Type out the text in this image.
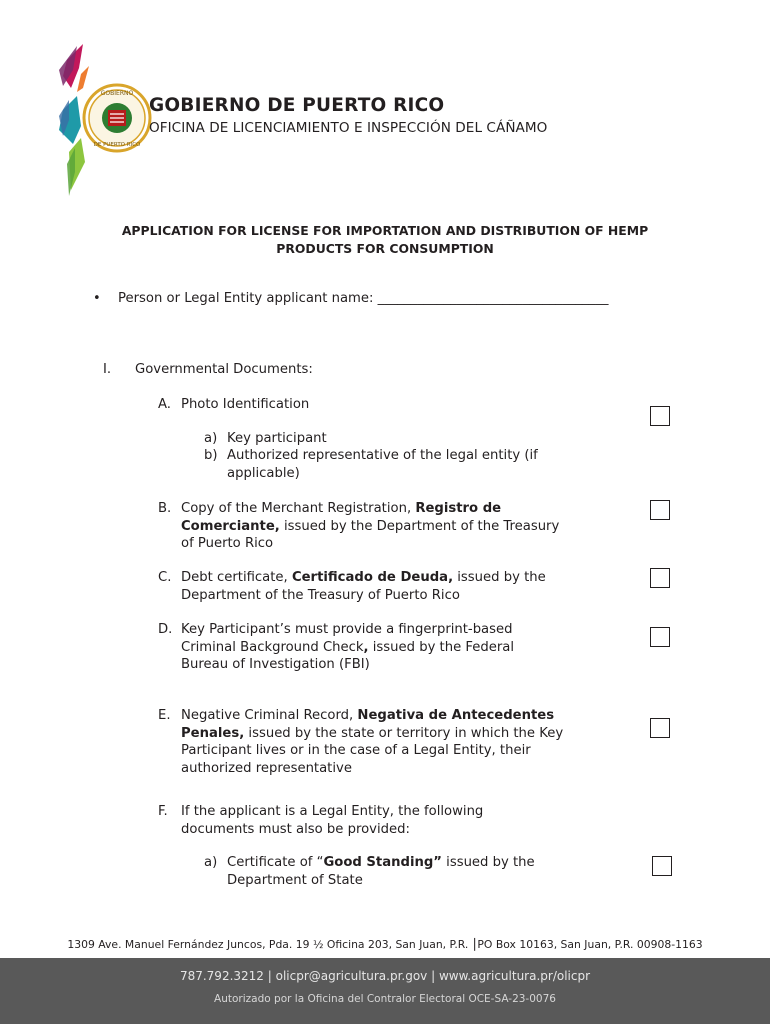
GOBIERNO
DE PUERTO RICO
GOBIERNO DE PUERTO RICO
OFICINA DE LICENCIAMIENTO E INSPECCIÓN DEL CÁÑAMO
APPLICATION FOR LICENSE FOR IMPORTATION AND DISTRIBUTION OF HEMP
PRODUCTS FOR CONSUMPTION
• Person or Legal Entity applicant name: ___________________________________
I. Governmental Documents:
A. Photo Identification
a) Key participant
b) Authorized representative of the legal entity (if
applicable)
B. Copy of the Merchant Registration, Registro de
Comerciante, issued by the Department of the Treasury
of Puerto Rico
C. Debt certificate, Certificado de Deuda, issued by the
Department of the Treasury of Puerto Rico
D. Key Participant’s must provide a fingerprint-based
Criminal Background Check, issued by the Federal
Bureau of Investigation (FBI)
E. Negative Criminal Record, Negativa de Antecedentes
Penales, issued by the state or territory in which the Key
Participant lives or in the case of a Legal Entity, their
authorized representative
F.	If the applicant is a Legal Entity, the following
documents must also be provided:
a) Certificate of “Good Standing” issued by the
Department of State
1309 Ave. Manuel Fernández Juncos, Pda. 19 ½ Oficina 203, San Juan, P.R. ⎮PO Box 10163, San Juan, P.R. 00908-1163
787.792.3212 | olicpr@agricultura.pr.gov | www.agricultura.pr/olicpr
Autorizado por la Oficina del Contralor Electoral OCE-SA-23-0076
